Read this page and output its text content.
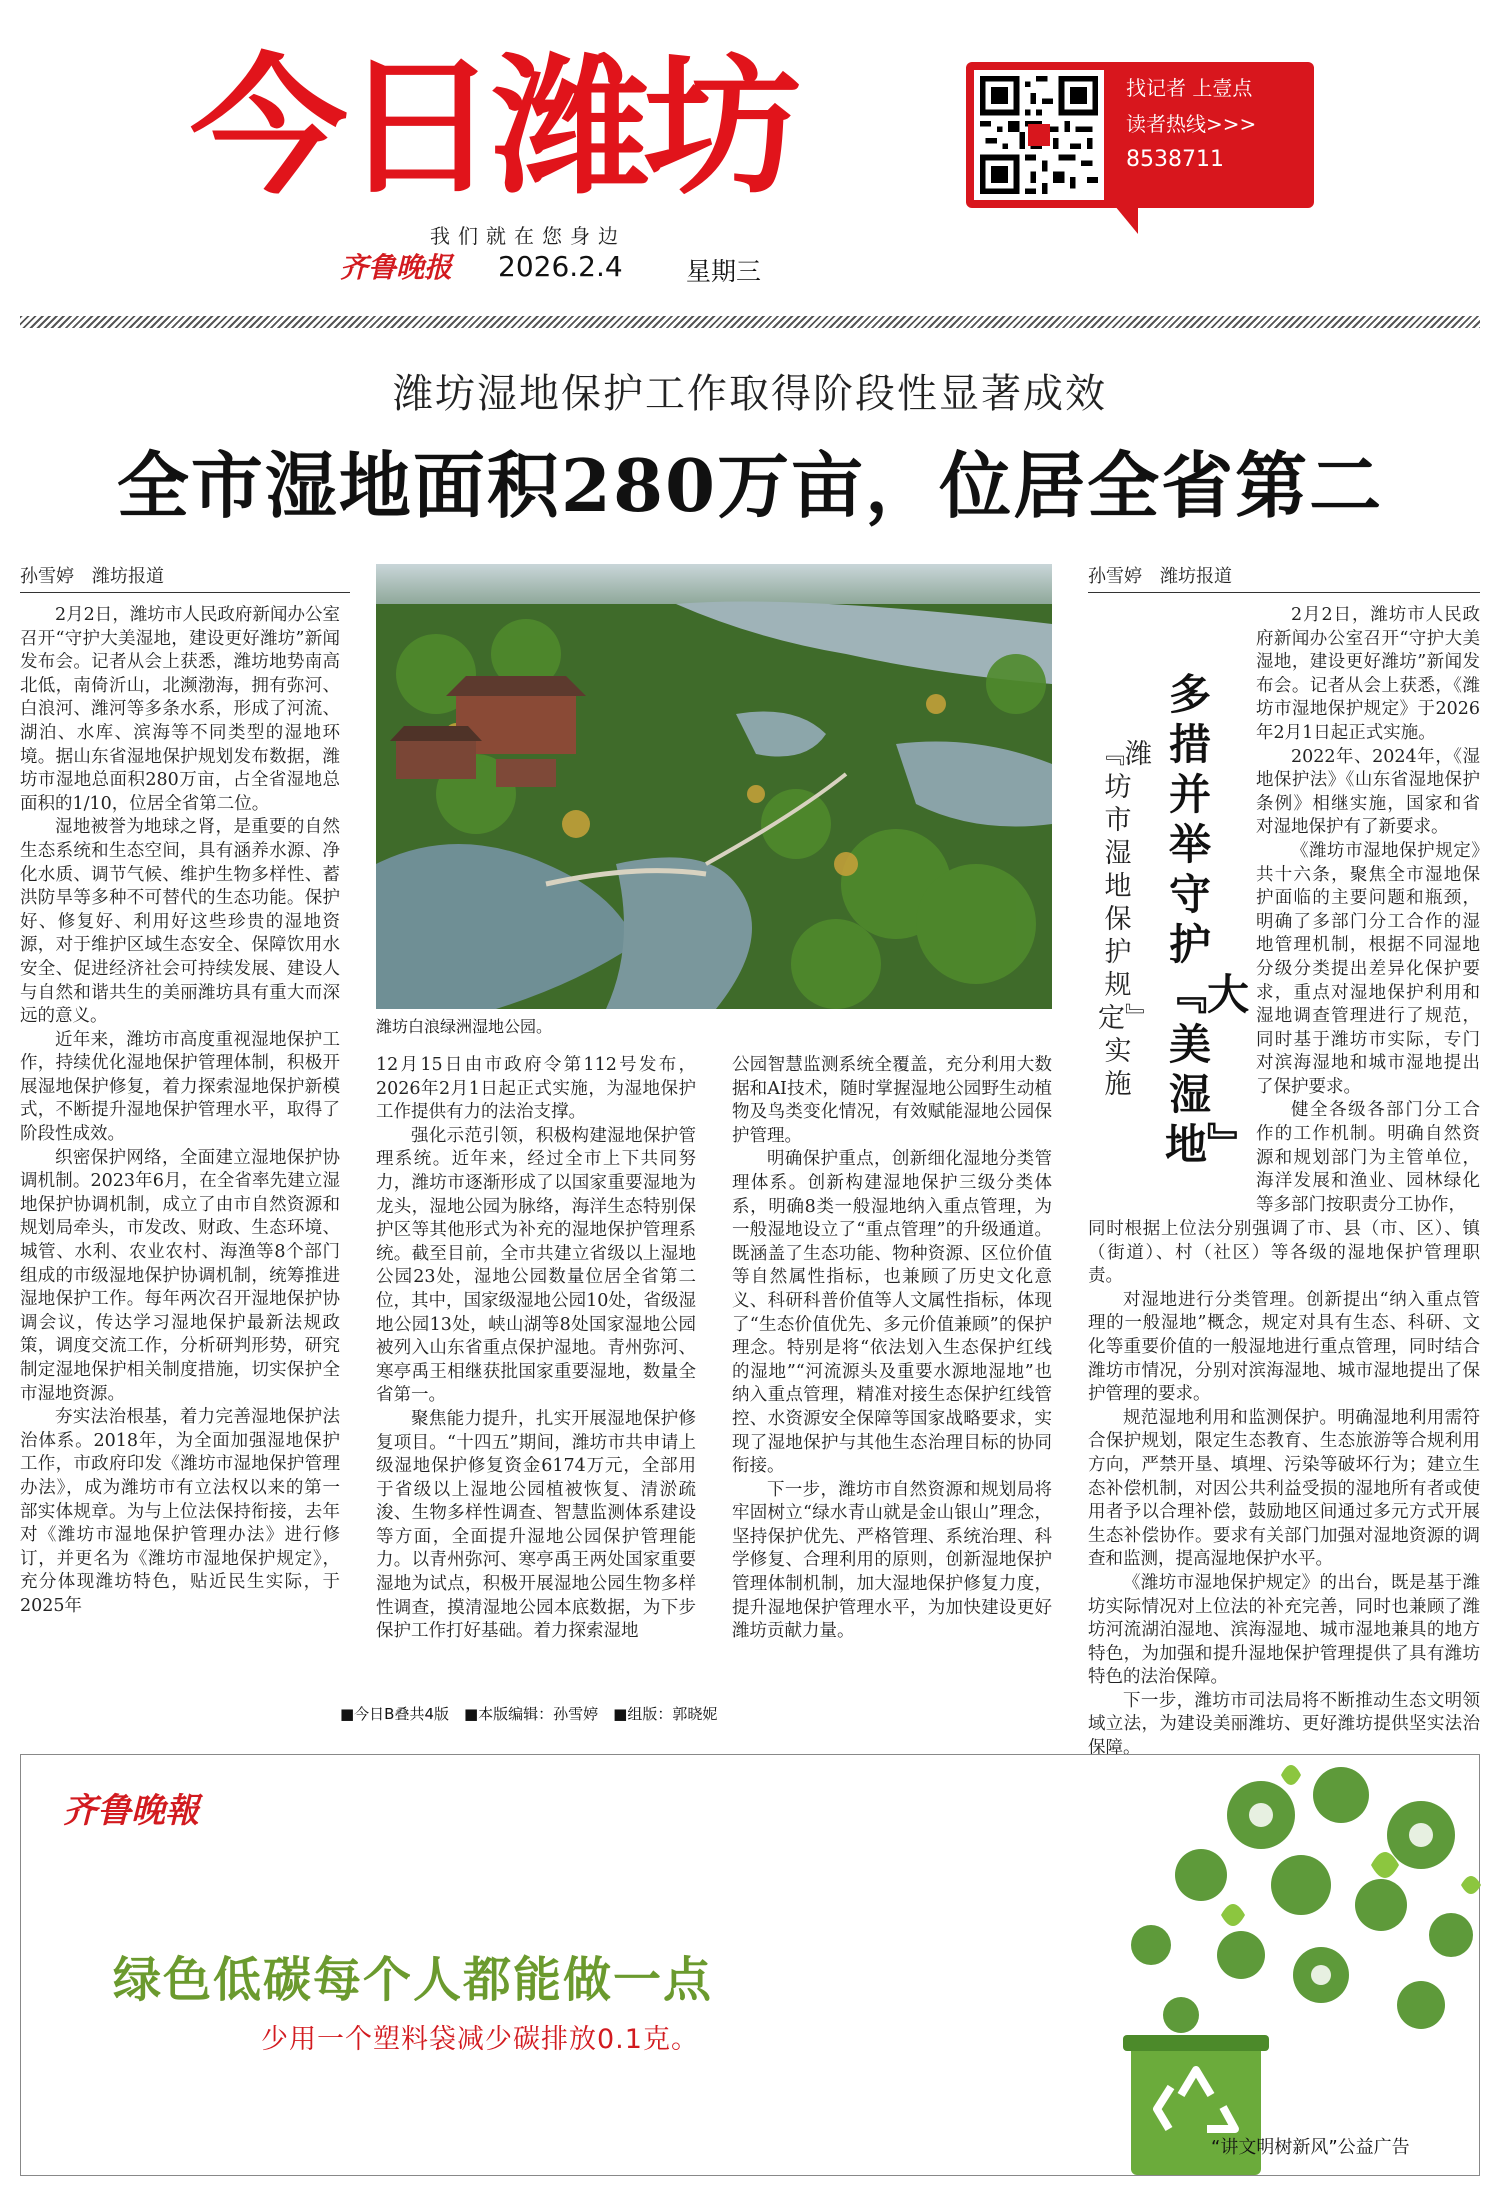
今日潍坊
我们就在您身边
齐鲁晚报 2026.2.4	星期三
找记者 上壹点
读者热线>>>
8538711
潍坊湿地保护工作取得阶段性显著成效
全市湿地面积280万亩，位居全省第二
孙雪婷　潍坊报道

2月2日，潍坊市人民政府新闻办公室召开“守护大美湿地，建设更好潍坊”新闻发布会。记者从会上获悉，潍坊地势南高北低，南倚沂山，北濒渤海，拥有弥河、白浪河、潍河等多条水系，形成了河流、湖泊、水库、滨海等不同类型的湿地环境。据山东省湿地保护规划发布数据，潍坊市湿地总面积280万亩，占全省湿地总面积的1/10，位居全省第二位。

湿地被誉为地球之肾，是重要的自然生态系统和生态空间，具有涵养水源、净化水质、调节气候、维护生物多样性、蓄洪防旱等多种不可替代的生态功能。保护好、修复好、利用好这些珍贵的湿地资源，对于维护区域生态安全、保障饮用水安全、促进经济社会可持续发展、建设人与自然和谐共生的美丽潍坊具有重大而深远的意义。

近年来，潍坊市高度重视湿地保护工作，持续优化湿地保护管理体制，积极开展湿地保护修复，着力探索湿地保护新模式，不断提升湿地保护管理水平，取得了阶段性成效。

织密保护网络，全面建立湿地保护协调机制。2023年6月，在全省率先建立湿地保护协调机制，成立了由市自然资源和规划局牵头，市发改、财政、生态环境、城管、水利、农业农村、海渔等8个部门组成的市级湿地保护协调机制，统筹推进湿地保护工作。每年两次召开湿地保护协调会议，传达学习湿地保护最新法规政策，调度交流工作，分析研判形势，研究制定湿地保护相关制度措施，切实保护全市湿地资源。

夯实法治根基，着力完善湿地保护法治体系。2018年，为全面加强湿地保护工作，市政府印发《潍坊市湿地保护管理办法》，成为潍坊市有立法权以来的第一部实体规章。为与上位法保持衔接，去年对《潍坊市湿地保护管理办法》进行修订，并更名为《潍坊市湿地保护规定》，充分体现潍坊特色，贴近民生实际，于2025年

潍坊白浪绿洲湿地公园。

12月15日由市政府令第112号发布，2026年2月1日起正式实施，为湿地保护工作提供有力的法治支撑。

强化示范引领，积极构建湿地保护管理系统。近年来，经过全市上下共同努力，潍坊市逐渐形成了以国家重要湿地为龙头，湿地公园为脉络，海洋生态特别保护区等其他形式为补充的湿地保护管理系统。截至目前，全市共建立省级以上湿地公园23处，湿地公园数量位居全省第二位，其中，国家级湿地公园10处，省级湿地公园13处，峡山湖等8处国家湿地公园被列入山东省重点保护湿地。青州弥河、寒亭禹王相继获批国家重要湿地，数量全省第一。

聚焦能力提升，扎实开展湿地保护修复项目。“十四五”期间，潍坊市共申请上级湿地保护修复资金6174万元，全部用于省级以上湿地公园植被恢复、清淤疏浚、生物多样性调查、智慧监测体系建设等方面，全面提升湿地公园保护管理能力。以青州弥河、寒亭禹王两处国家重要湿地为试点，积极开展湿地公园生物多样性调查，摸清湿地公园本底数据，为下步保护工作打好基础。着力探索湿地

公园智慧监测系统全覆盖，充分利用大数据和AI技术，随时掌握湿地公园野生动植物及鸟类变化情况，有效赋能湿地公园保护管理。

明确保护重点，创新细化湿地分类管理体系。创新构建湿地保护三级分类体系，明确8类一般湿地纳入重点管理，为一般湿地设立了“重点管理”的升级通道。既涵盖了生态功能、物种资源、区位价值等自然属性指标，也兼顾了历史文化意义、科研科普价值等人文属性指标，体现了“生态价值优先、多元价值兼顾”的保护理念。特别是将“依法划入生态保护红线的湿地”“河流源头及重要水源地湿地”也纳入重点管理，精准对接生态保护红线管控、水资源安全保障等国家战略要求，实现了湿地保护与其他生态治理目标的协同衔接。

下一步，潍坊市自然资源和规划局将牢固树立“绿水青山就是金山银山”理念，坚持保护优先、严格管理、系统治理、科学修复、合理利用的原则，创新湿地保护管理体制机制，加大湿地保护修复力度，提升湿地保护管理水平，为加快建设更好潍坊贡献力量。

■今日B叠共4版　■本版编辑：孙雪婷　■组版：郭晓妮
孙雪婷　潍坊报道
多措并举守护﹃大美湿地﹄
﹃潍坊市湿地保护规定﹄实施

2月2日，潍坊市人民政府新闻办公室召开“守护大美湿地，建设更好潍坊”新闻发布会。记者从会上获悉，《潍坊市湿地保护规定》于2026年2月1日起正式实施。

2022年、2024年，《湿地保护法》《山东省湿地保护条例》相继实施，国家和省对湿地保护有了新要求。

《潍坊市湿地保护规定》共十六条，聚焦全市湿地保护面临的主要问题和瓶颈，明确了多部门分工合作的湿地管理机制，根据不同湿地分级分类提出差异化保护要求，重点对湿地保护利用和湿地调查管理进行了规范，同时基于潍坊市实际，专门对滨海湿地和城市湿地提出了保护要求。

健全各级各部门分工合作的工作机制。明确自然资源和规划部门为主管单位，海洋发展和渔业、园林绿化等多部门按职责分工协作，

同时根据上位法分别强调了市、县（市、区）、镇（街道）、村（社区）等各级的湿地保护管理职责。

对湿地进行分类管理。创新提出“纳入重点管理的一般湿地”概念，规定对具有生态、科研、文化等重要价值的一般湿地进行重点管理，同时结合潍坊市情况，分别对滨海湿地、城市湿地提出了保护管理的要求。

规范湿地利用和监测保护。明确湿地利用需符合保护规划，限定生态教育、生态旅游等合规利用方向，严禁开垦、填埋、污染等破坏行为；建立生态补偿机制，对因公共利益受损的湿地所有者或使用者予以合理补偿，鼓励地区间通过多元方式开展生态补偿协作。要求有关部门加强对湿地资源的调查和监测，提高湿地保护水平。

《潍坊市湿地保护规定》的出台，既是基于潍坊实际情况对上位法的补充完善，同时也兼顾了潍坊河流湖泊湿地、滨海湿地、城市湿地兼具的地方特色，为加强和提升湿地保护管理提供了具有潍坊特色的法治保障。

下一步，潍坊市司法局将不断推动生态文明领域立法，为建设美丽潍坊、更好潍坊提供坚实法治保障。

齐鲁晚報
绿色低碳每个人都能做一点
少用一个塑料袋减少碳排放0.1克。
“讲文明树新风”公益广告
